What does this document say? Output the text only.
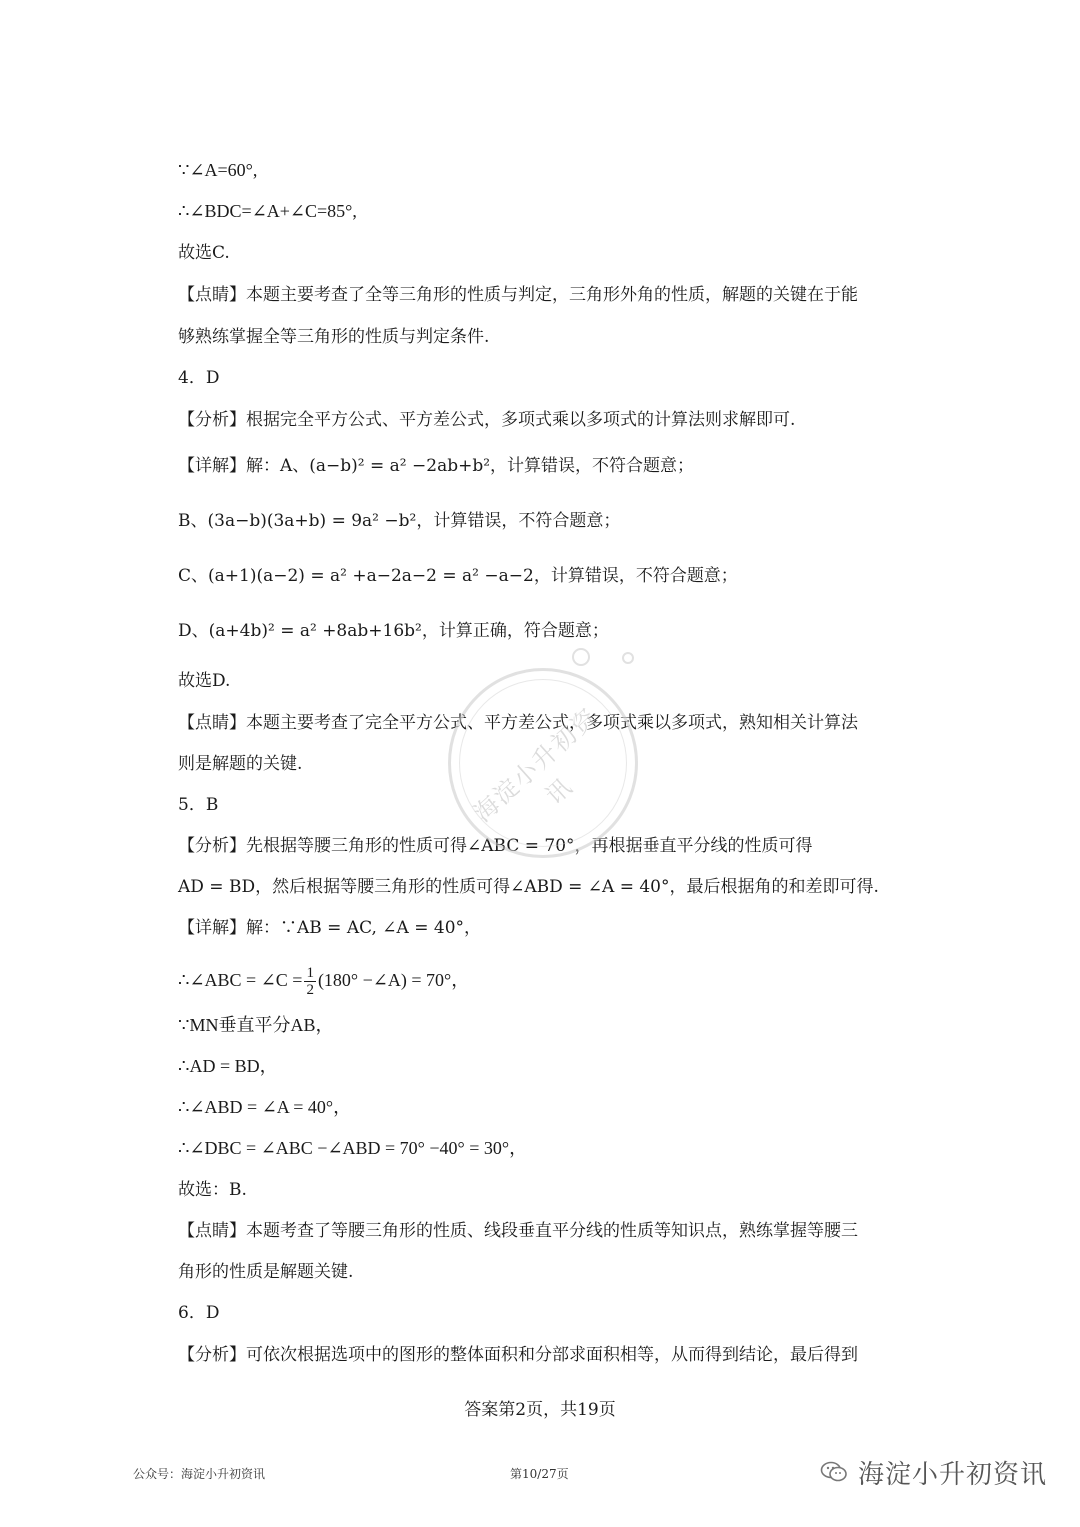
∵∠A=60°,
∴∠BDC=∠A+∠C=85°,
故选C.
【点睛】本题主要考查了全等三角形的性质与判定，三角形外角的性质，解题的关键在于能
够熟练掌握全等三角形的性质与判定条件.
4．D
【分析】根据完全平方公式、平方差公式，多项式乘以多项式的计算法则求解即可.
【详解】解：A、(a−b)² = a² −2ab+b²，计算错误，不符合题意；
B、(3a−b)(3a+b) = 9a² −b²，计算错误，不符合题意；
C、(a+1)(a−2) = a² +a−2a−2 = a² −a−2，计算错误，不符合题意；
D、(a+4b)² = a² +8ab+16b²，计算正确，符合题意；
故选D.
【点睛】本题主要考查了完全平方公式、平方差公式，多项式乘以多项式，熟知相关计算法
则是解题的关键.
5．B
【分析】先根据等腰三角形的性质可得∠ABC = 70°，再根据垂直平分线的性质可得
AD = BD，然后根据等腰三角形的性质可得∠ABD = ∠A = 40°，最后根据角的和差即可得.
【详解】解：∵AB = AC, ∠A = 40°，
∴∠ABC = ∠C = $\frac{1}{2} (180^\circ$ −∠A) = 70°，
∵MN垂直平分AB，
∴AD = BD，
∴∠ABD = ∠A = 40°，
∴∠DBC = ∠ABC −∠ABD = 70° −40° = 30°，
故选：B.
【点睛】本题考查了等腰三角形的性质、线段垂直平分线的性质等知识点，熟练掌握等腰三
角形的性质是解题关键.
6．D
【分析】可依次根据选项中的图形的整体面积和分部求面积相等，从而得到结论，最后得到
海淀小升初资讯
答案第2页，共19页
公众号：海淀小升初资讯	第10/27页	海淀小升初资讯
